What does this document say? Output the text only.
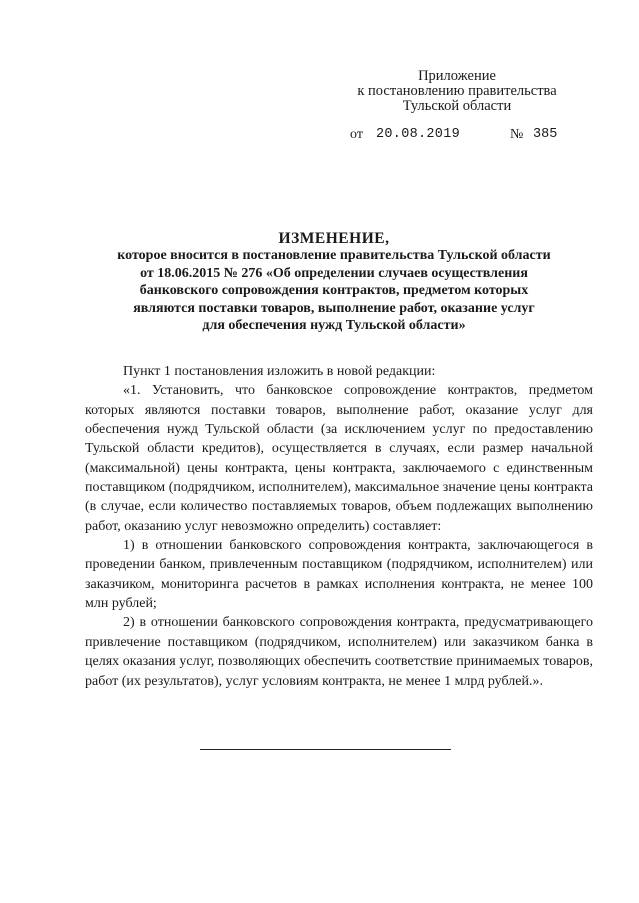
Приложение
к постановлению правительства
Тульской области
от 20.08.2019	№ 385
ИЗМЕНЕНИЕ,
которое вносится в постановление правительства Тульской области
от 18.06.2015 № 276 «Об определении случаев осуществления
банковского сопровождения контрактов, предметом которых
являются поставки товаров, выполнение работ, оказание услуг
для обеспечения нужд Тульской области»

Пункт 1 постановления изложить в новой редакции:

«1. Установить, что банковское сопровождение контрактов, предметом которых являются поставки товаров, выполнение работ, оказание услуг для обеспечения нужд Тульской области (за исключением услуг по предоставлению Тульской области кредитов), осуществляется в случаях, если размер начальной (максимальной) цены контракта, цены контракта, заключаемого с единственным поставщиком (подрядчиком, исполнителем), максимальное значение цены контракта (в случае, если количество поставляемых товаров, объем подлежащих выполнению работ, оказанию услуг невозможно определить) составляет:

1) в отношении банковского сопровождения контракта, заключающегося в проведении банком, привлеченным поставщиком (подрядчиком, исполнителем) или заказчиком, мониторинга расчетов в рамках исполнения контракта, не менее 100 млн рублей;

2) в отношении банковского сопровождения контракта, предусматривающего привлечение поставщиком (подрядчиком, исполнителем) или заказчиком банка в целях оказания услуг, позволяющих обеспечить соответствие принимаемых товаров, работ (их результатов), услуг условиям контракта, не менее 1 млрд рублей.».
